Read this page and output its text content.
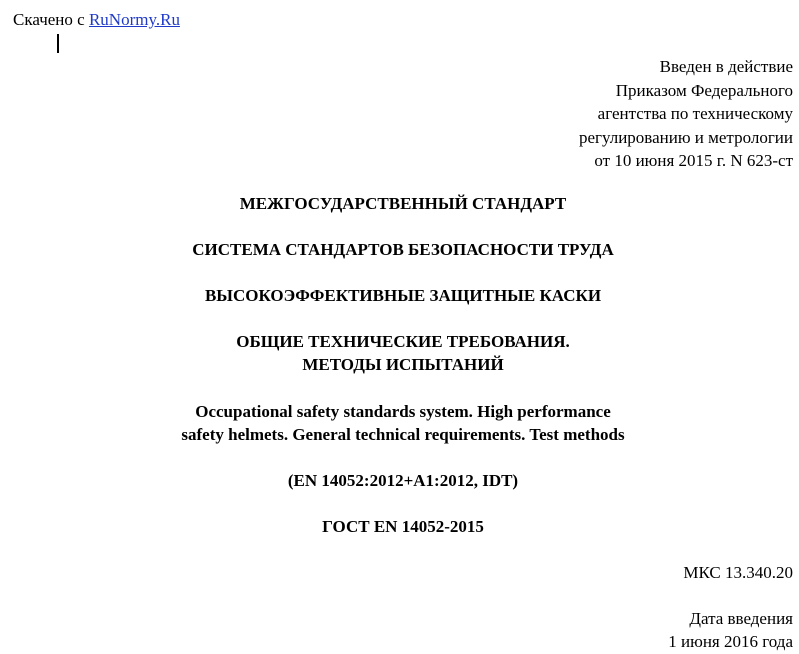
Скачено с RuNormy.Ru
Введен в действие
Приказом Федерального
агентства по техническому
регулированию и метрологии
от 10 июня 2015 г. N 623-ст
МЕЖГОСУДАРСТВЕННЫЙ СТАНДАРТ
СИСТЕМА СТАНДАРТОВ БЕЗОПАСНОСТИ ТРУДА
ВЫСОКОЭФФЕКТИВНЫЕ ЗАЩИТНЫЕ КАСКИ
ОБЩИЕ ТЕХНИЧЕСКИЕ ТРЕБОВАНИЯ.
МЕТОДЫ ИСПЫТАНИЙ
Occupational safety standards system. High performance
safety helmets. General technical requirements. Test methods
(EN 14052:2012+A1:2012, IDT)
ГОСТ EN 14052-2015
МКС 13.340.20
Дата введения
1 июня 2016 года
